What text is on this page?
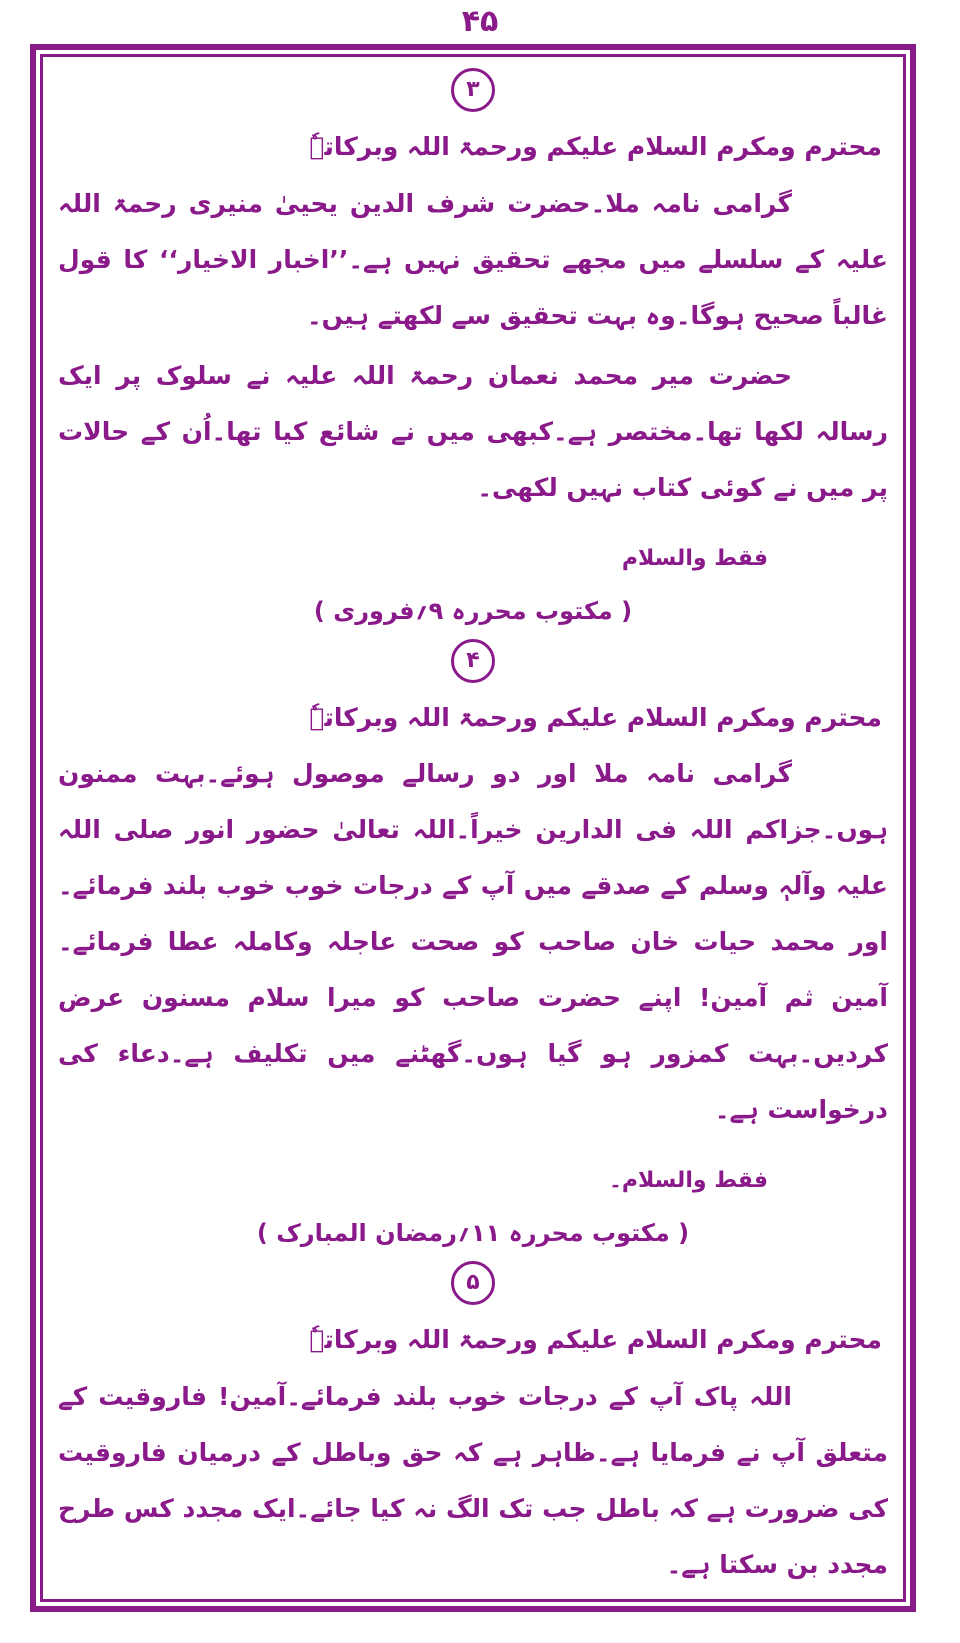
۴۵
۳
محترم ومکرم السلام علیکم ورحمۃ اللہ وبرکاتہٗ

گرامی نامہ ملا۔حضرت شرف الدین یحییٰ منیری رحمۃ اللہ علیہ کے سلسلے میں مجھے تحقیق نہیں ہے۔’’اخبار الاخیار‘‘ کا قول غالباً صحیح ہوگا۔وہ بہت تحقیق سے لکھتے ہیں۔

حضرت میر محمد نعمان رحمۃ اللہ علیہ نے سلوک پر ایک رسالہ لکھا تھا۔مختصر ہے۔کبھی میں نے شائع کیا تھا۔اُن کے حالات پر میں نے کوئی کتاب نہیں لکھی۔

فقط والسلام
( مکتوب محررہ ۹؍فروری )
۴
محترم ومکرم السلام علیکم ورحمۃ اللہ وبرکاتہٗ

گرامی نامہ ملا اور دو رسالے موصول ہوئے۔بہت ممنون ہوں۔جزاکم اللہ فی الدارین خیراً۔اللہ تعالیٰ حضور انور صلی اللہ علیہ وآلہٖ وسلم کے صدقے میں آپ کے درجات خوب خوب بلند فرمائے۔اور محمد حیات خان صاحب کو صحت عاجلہ وکاملہ عطا فرمائے۔آمین ثم آمین! اپنے حضرت صاحب کو میرا سلام مسنون عرض کردیں۔بہت کمزور ہو گیا ہوں۔گھٹنے میں تکلیف ہے۔دعاء کی درخواست ہے۔

فقط والسلام۔
( مکتوب محررہ ۱۱؍رمضان المبارک )
۵
محترم ومکرم السلام علیکم ورحمۃ اللہ وبرکاتہٗ

اللہ پاک آپ کے درجات خوب بلند فرمائے۔آمین! فاروقیت کے متعلق آپ نے فرمایا ہے۔ظاہر ہے کہ حق وباطل کے درمیان فاروقیت کی ضرورت ہے کہ باطل جب تک الگ نہ کیا جائے۔ایک مجدد کس طرح مجدد بن سکتا ہے۔
